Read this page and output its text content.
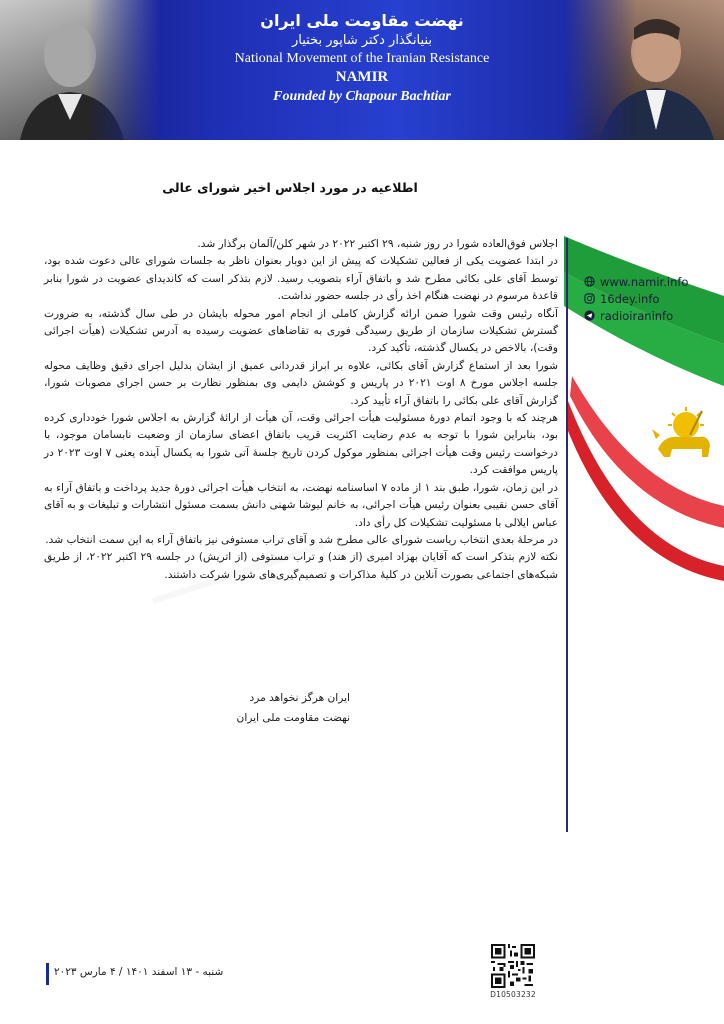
نهضت مقاومت ملی ایران
بنیانگذار دکتر شاپور بختیار
National Movement of the Iranian Resistance
NAMIR
Founded by Chapour Bachtiar
اطلاعیه در مورد اجلاس اخیر شورای عالی

اجلاس فوق‌العاده شورا در روز شنبه، ۲۹ اکتبر ۲۰۲۲ در شهر کلن/آلمان برگذار شد.

در ابتدا عضویت یکی از فعالین تشکیلات که پیش از این دوبار بعنوان ناظر به جلسات شورای عالی دعوت شده بود، توسط آقای علی بکائی مطرح شد و باتفاق آراء بتصویب رسید. لازم بتذکر است که کاندیدای عضویت در شورا بنابر قاعدهٔ مرسوم در نهضت هنگام اخذ رأی در جلسه حضور نداشت.

آنگاه رئیس وقت شورا ضمن ارائه گزارش کاملی از انجام امور محوله بایشان در طی سال گذشته، به ضرورت گسترش تشکیلات سازمان از طریق رسیدگی فوری به تقاضاهای عضویت رسیده به آدرس تشکیلات (هیأت اجرائی وقت)، بالاخص در یکسال گذشته، تأکید کرد.

شورا بعد از استماع گزارش آقای بکائی، علاوه بر ابراز قدردانی عمیق از ایشان بدلیل اجرای دقیق وظایف محوله جلسه اجلاس مورخ ۸ اوت ۲۰۲۱ در پاریس و کوشش دایمی وی بمنظور نظارت بر حسن اجرای مصوبات شورا، گزارش آقای علی بکائی را باتفاق آراء تأیید کرد.

هرچند که با وجود اتمام دورهٔ مسئولیت هیأت اجرائی وقت، آن هیأت از ارائهٔ گزارش به اجلاس شورا خودداری کرده بود، بنابراین شورا با توجه به عدم رضایت اکثریت قریب باتفاق اعضای سازمان از وضعیت نابسامان موجود، با درخواست رئیس وقت هیأت اجرائی بمنظور موکول کردن تاریخ جلسهٔ آتی شورا به یکسال آینده یعنی ۷ اوت ۲۰۲۳ در پاریس موافقت کرد.

در این زمان، شورا، طبق بند ۱ از ماده ۷ اساسنامه نهضت، به انتخاب هیأت اجرائی دورهٔ جدید پرداخت و باتفاق آراء به آقای حسن نقیبی بعنوان رئیس هیأت اجرائی، به خانم لیوشا شهنی دانش بسمت مسئول انتشارات و تبلیغات و به آقای عباس ایلالی با مسئولیت تشکیلات کل رأی داد.

در مرحلهٔ بعدی انتخاب ریاست شورای عالی مطرح شد و آقای تراب مستوفی نیز باتفاق آراء به این سمت انتخاب شد.

نکته لازم بتذکر است که آقایان بهزاد امیری (از هند) و تراب مستوفی (از اتریش) در جلسه ۲۹ اکتبر ۲۰۲۲، از طریق شبکه‌های اجتماعی بصورت آنلاین در کلیهٔ مذاکرات و تصمیم‌گیری‌های شورا شرکت داشتند.

ایران هرگز نخواهد مرد
نهضت مقاومت ملی ایران
www.namir.info
16dey.info
radioiraninfo
شنبه - ۱۳ اسفند ۱۴۰۱ / ۴ مارس ۲۰۲۳
D10503232
